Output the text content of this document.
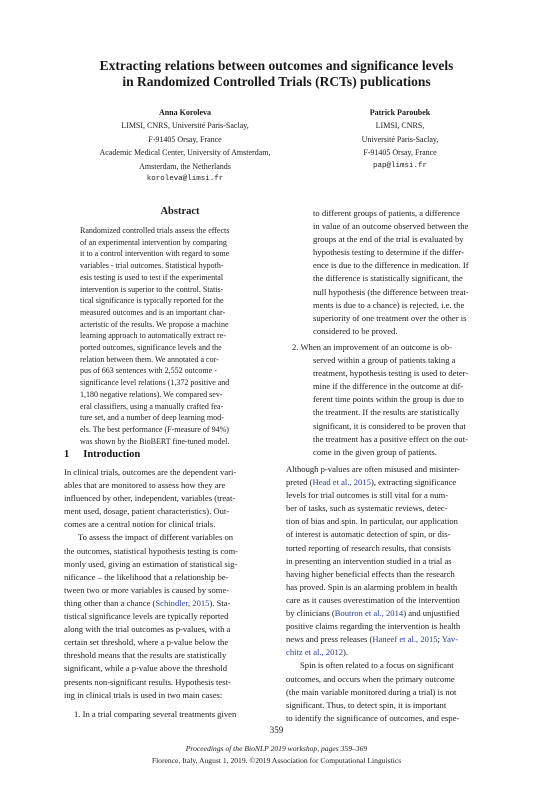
Extracting relations between outcomes and significance levels
in Randomized Controlled Trials (RCTs) publications
Anna Koroleva
LIMSI, CNRS, Université Paris-Saclay,
F-91405 Orsay, France
Academic Medical Center, University of Amsterdam,
Amsterdam, the Netherlands
koroleva@limsi.fr
Patrick Paroubek
LIMSI, CNRS,
Université Paris-Saclay,
F-91405 Orsay, France
pap@limsi.fr
Abstract
Randomized controlled trials assess the effects
of an experimental intervention by comparing
it to a control intervention with regard to some
variables - trial outcomes. Statistical hypoth-
esis testing is used to test if the experimental
intervention is superior to the control. Statis-
tical significance is typically reported for the
measured outcomes and is an important char-
acteristic of the results. We propose a machine
learning approach to automatically extract re-
ported outcomes, significance levels and the
relation between them. We annotated a cor-
pus of 663 sentences with 2,552 outcome -
significance level relations (1,372 positive and
1,180 negative relations). We compared sev-
eral classifiers, using a manually crafted fea-
ture set, and a number of deep learning mod-
els. The best performance (F-measure of 94%)
was shown by the BioBERT fine-tuned model.
1 Introduction
In clinical trials, outcomes are the dependent vari-
ables that are monitored to assess how they are
influenced by other, independent, variables (treat-
ment used, dosage, patient characteristics). Out-
comes are a central notion for clinical trials.
To assess the impact of different variables on
the outcomes, statistical hypothesis testing is com-
monly used, giving an estimation of statistical sig-
nificance – the likelihood that a relationship be-
tween two or more variables is caused by some-
thing other than a chance (Schindler, 2015). Sta-
tistical significance levels are typically reported
along with the trial outcomes as p-values, with a
certain set threshold, where a p-value below the
threshold means that the results are statistically
significant, while a p-value above the threshold
presents non-significant results. Hypothesis test-
ing in clinical trials is used in two main cases:
1. In a trial comparing several treatments given
to different groups of patients, a difference
in value of an outcome observed between the
groups at the end of the trial is evaluated by
hypothesis testing to determine if the differ-
ence is due to the difference in medication. If
the difference is statistically significant, the
null hypothesis (the difference between treat-
ments is due to a chance) is rejected, i.e. the
superiority of one treatment over the other is
considered to be proved.
2. When an improvement of an outcome is ob-
served within a group of patients taking a
treatment, hypothesis testing is used to deter-
mine if the difference in the outcome at dif-
ferent time points within the group is due to
the treatment. If the results are statistically
significant, it is considered to be proven that
the treatment has a positive effect on the out-
come in the given group of patients.
Although p-values are often misused and misinter-
preted (Head et al., 2015), extracting significance
levels for trial outcomes is still vital for a num-
ber of tasks, such as systematic reviews, detec-
tion of bias and spin. In particular, our application
of interest is automatic detection of spin, or dis-
torted reporting of research results, that consists
in presenting an intervention studied in a trial as
having higher beneficial effects than the research
has proved. Spin is an alarming problem in health
care as it causes overestimation of the intervention
by clinicians (Boutron et al., 2014) and unjustified
positive claims regarding the intervention is health
news and press releases (Haneef et al., 2015; Yav-
chitz et al., 2012).
Spin is often related to a focus on significant
outcomes, and occurs when the primary outcome
(the main variable monitored during a trial) is not
significant. Thus, to detect spin, it is important
to identify the significance of outcomes, and espe-
359
Proceedings of the BioNLP 2019 workshop, pages 359–369
Florence, Italy, August 1, 2019. ©2019 Association for Computational Linguistics
